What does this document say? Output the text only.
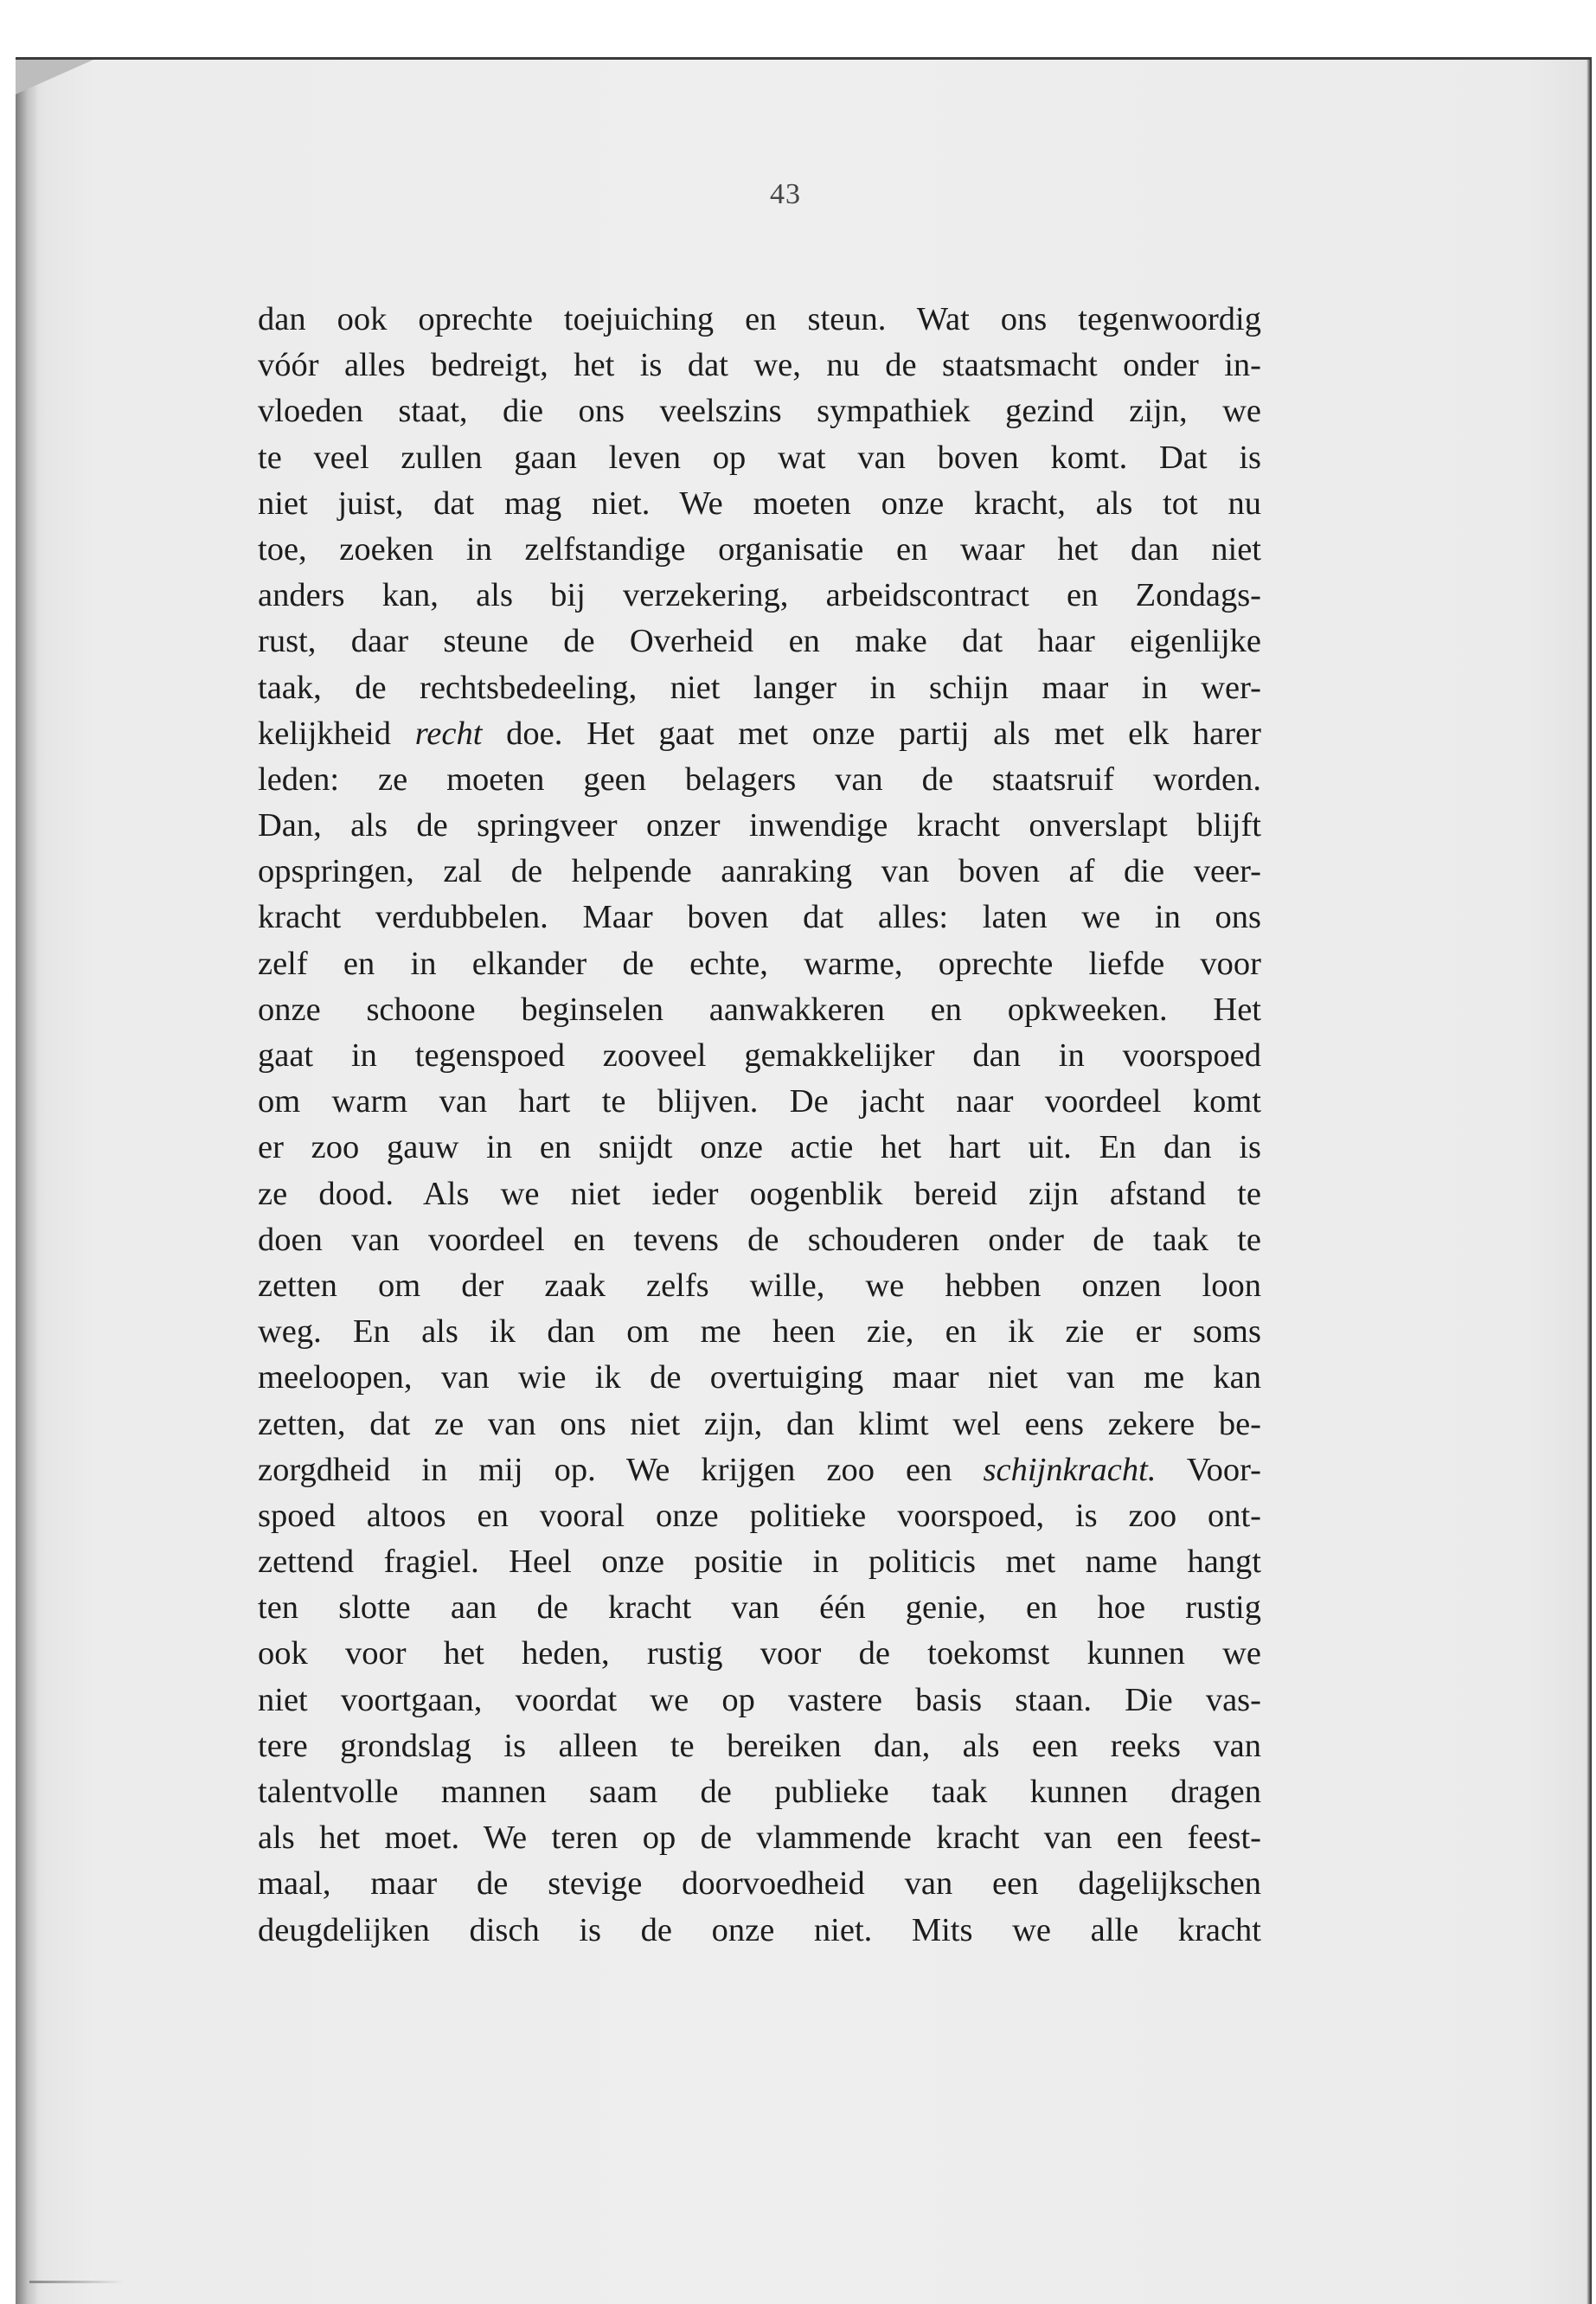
43

dan ook oprechte toejuiching en steun. Wat ons tegenwoordig
vóór alles bedreigt, het is dat we, nu de staatsmacht onder in-
vloeden staat, die ons veelszins sympathiek gezind zijn, we
te veel zullen gaan leven op wat van boven komt. Dat is
niet juist, dat mag niet. We moeten onze kracht, als tot nu
toe, zoeken in zelfstandige organisatie en waar het dan niet
anders kan, als bij verzekering, arbeidscontract en Zondags-
rust, daar steune de Overheid en make dat haar eigenlijke
taak, de rechtsbedeeling, niet langer in schijn maar in wer-
kelijkheid recht doe. Het gaat met onze partij als met elk harer
leden: ze moeten geen belagers van de staatsruif worden.
Dan, als de springveer onzer inwendige kracht onverslapt blijft
opspringen, zal de helpende aanraking van boven af die veer-
kracht verdubbelen. Maar boven dat alles: laten we in ons
zelf en in elkander de echte, warme, oprechte liefde voor
onze schoone beginselen aanwakkeren en opkweeken. Het
gaat in tegenspoed zooveel gemakkelijker dan in voorspoed
om warm van hart te blijven. De jacht naar voordeel komt
er zoo gauw in en snijdt onze actie het hart uit. En dan is
ze dood. Als we niet ieder oogenblik bereid zijn afstand te
doen van voordeel en tevens de schouderen onder de taak te
zetten om der zaak zelfs wille, we hebben onzen loon
weg. En als ik dan om me heen zie, en ik zie er soms
meeloopen, van wie ik de overtuiging maar niet van me kan
zetten, dat ze van ons niet zijn, dan klimt wel eens zekere be-
zorgdheid in mij op. We krijgen zoo een schijnkracht. Voor-
spoed altoos en vooral onze politieke voorspoed, is zoo ont-
zettend fragiel. Heel onze positie in politicis met name hangt
ten slotte aan de kracht van één genie, en hoe rustig
ook voor het heden, rustig voor de toekomst kunnen we
niet voortgaan, voordat we op vastere basis staan. Die vas-
tere grondslag is alleen te bereiken dan, als een reeks van
talentvolle mannen saam de publieke taak kunnen dragen
als het moet. We teren op de vlammende kracht van een feest-
maal, maar de stevige doorvoedheid van een dagelijkschen
deugdelijken disch is de onze niet. Mits we alle kracht
